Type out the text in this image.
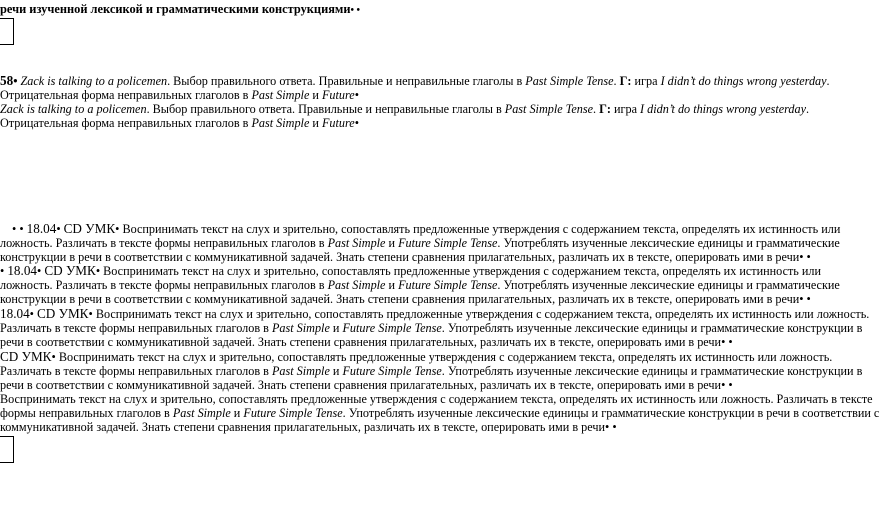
речи изученной лексикой и грамматическими конструкциями• •
58• Zack is talking to a policemen. Выбор правильного ответа. Правильные и неправильные глаголы в Past Simple Tense. Г: игра I didn’t do things wrong yesterday.
Отрицательная форма неправильных глаголов в Past Simple и Future•
Zack is talking to a policemen. Выбор правильного ответа. Правильные и неправильные глаголы в Past Simple Tense. Г: игра I didn’t do things wrong yesterday.
Отрицательная форма неправильных глаголов в Past Simple и Future•
• • 18.04• CD УМК• Воспринимать текст на слух и зрительно, сопоставлять предложенные утверждения с содержанием текста, определять их истинность или
ложность. Различать в тексте формы неправильных глаголов в Past Simple и Future Simple Tense. Употреблять изученные лексические единицы и грамматические
конструкции в речи в соответствии с коммуникативной задачей. Знать степени сравнения прилагательных, различать их в тексте, оперировать ими в речи• •
• 18.04• CD УМК• Воспринимать текст на слух и зрительно, сопоставлять предложенные утверждения с содержанием текста, определять их истинность или
ложность. Различать в тексте формы неправильных глаголов в Past Simple и Future Simple Tense. Употреблять изученные лексические единицы и грамматические
конструкции в речи в соответствии с коммуникативной задачей. Знать степени сравнения прилагательных, различать их в тексте, оперировать ими в речи• •
18.04• CD УМК• Воспринимать текст на слух и зрительно, сопоставлять предложенные утверждения с содержанием текста, определять их истинность или ложность.
Различать в тексте формы неправильных глаголов в Past Simple и Future Simple Tense. Употреблять изученные лексические единицы и грамматические конструкции в
речи в соответствии с коммуникативной задачей. Знать степени сравнения прилагательных, различать их в тексте, оперировать ими в речи• •
CD УМК• Воспринимать текст на слух и зрительно, сопоставлять предложенные утверждения с содержанием текста, определять их истинность или ложность.
Различать в тексте формы неправильных глаголов в Past Simple и Future Simple Tense. Употреблять изученные лексические единицы и грамматические конструкции в
речи в соответствии с коммуникативной задачей. Знать степени сравнения прилагательных, различать их в тексте, оперировать ими в речи• •
Воспринимать текст на слух и зрительно, сопоставлять предложенные утверждения с содержанием текста, определять их истинность или ложность. Различать в тексте
формы неправильных глаголов в Past Simple и Future Simple Tense. Употреблять изученные лексические единицы и грамматические конструкции в речи в соответствии с
коммуникативной задачей. Знать степени сравнения прилагательных, различать их в тексте, оперировать ими в речи• •
